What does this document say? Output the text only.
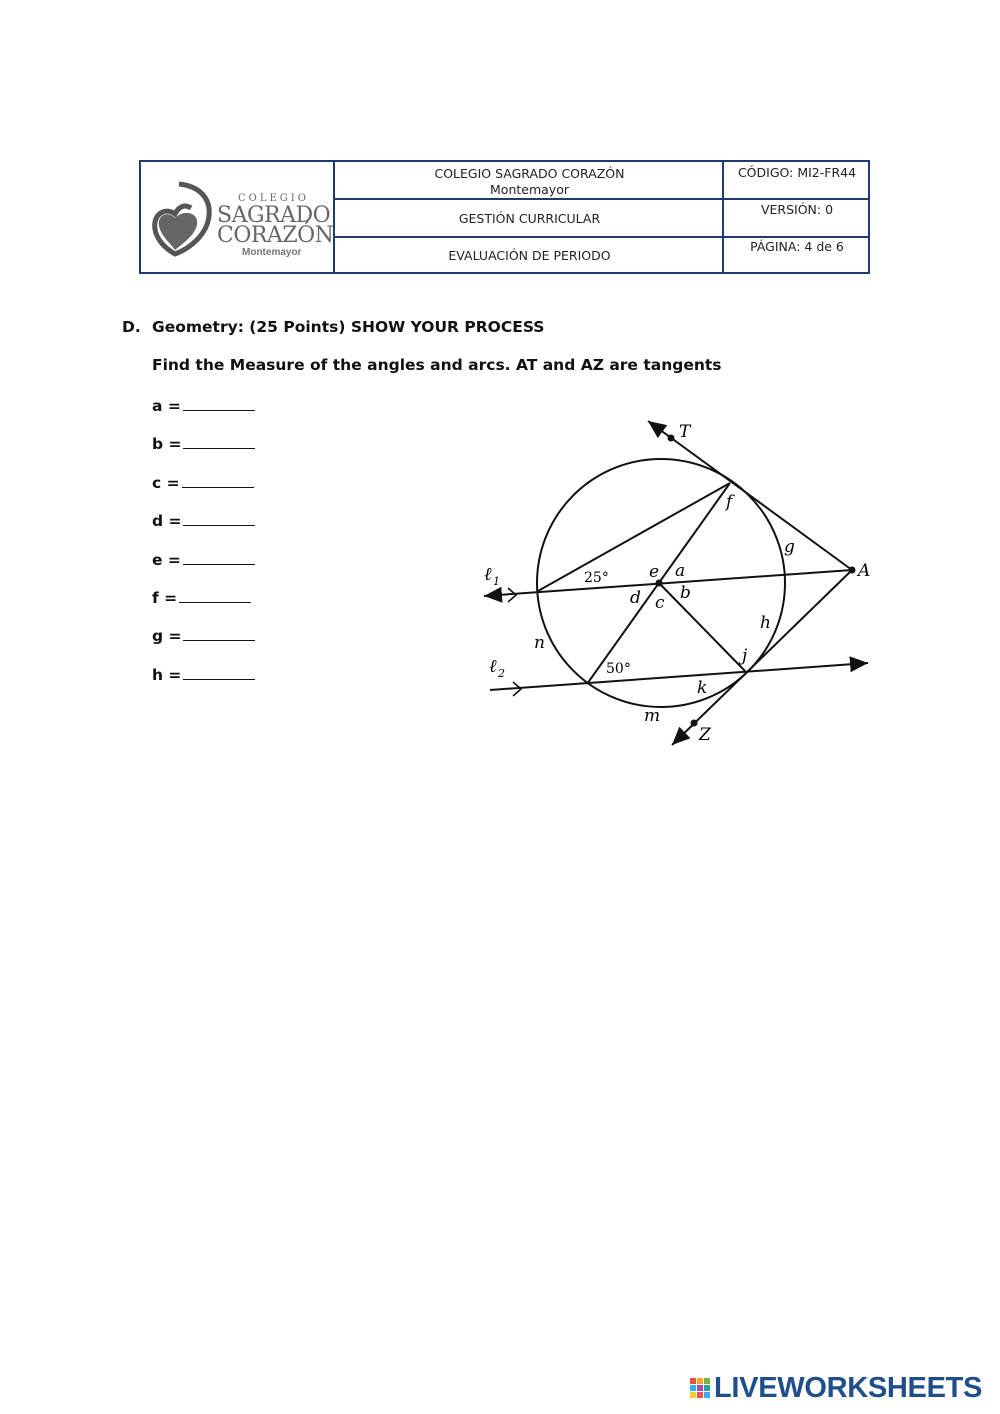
COLEGIO
SAGRADO
CORAZÓN
Montemayor
COLEGIO SAGRADO CORAZÓN
Montemayor
GESTIÓN CURRICULAR
EVALUACIÓN DE PERIODO
CÓDIGO: MI2-FR44
VERSIÓN: 0
PÁGINA: 4 de 6
D. Geometry: (25 Points) SHOW YOUR PROCESS
Find the Measure of the angles and arcs. AT and AZ are tangents
a =
b =
c =
d =
e =
f =
g =
h =
T
A
Z
f
g
h
j
k
m
n
a
b
c
d
e
ℓ 1
ℓ 2
25°
50°
LIVEWORKSHEETS
